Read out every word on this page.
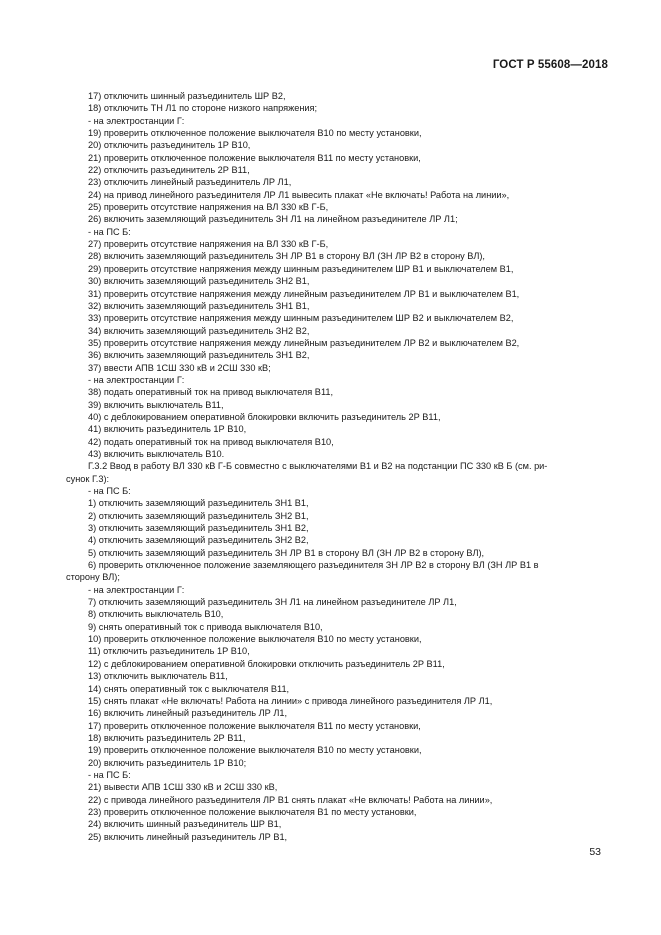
ГОСТ Р 55608—2018
17) отключить шинный разъединитель ШР В2,
18) отключить ТН Л1 по стороне низкого напряжения;
- на электростанции Г:
19) проверить отключенное положение выключателя В10 по месту установки,
20) отключить разъединитель 1Р В10,
21) проверить отключенное положение выключателя В11 по месту установки,
22) отключить разъединитель 2Р В11,
23) отключить линейный разъединитель ЛР Л1,
24) на привод линейного разъединителя ЛР Л1 вывесить плакат «Не включать! Работа на линии»,
25) проверить отсутствие напряжения на ВЛ 330 кВ Г-Б,
26) включить заземляющий разъединитель ЗН Л1 на линейном разъединителе ЛР Л1;
- на ПС Б:
27) проверить отсутствие напряжения на ВЛ 330 кВ Г-Б,
28) включить заземляющий разъединитель ЗН ЛР В1 в сторону ВЛ (ЗН ЛР В2 в сторону ВЛ),
29) проверить отсутствие напряжения между шинным разъединителем ШР В1 и выключателем В1,
30) включить заземляющий разъединитель ЗН2 В1,
31) проверить отсутствие напряжения между линейным разъединителем ЛР В1 и выключателем В1,
32) включить заземляющий разъединитель ЗН1 В1,
33) проверить отсутствие напряжения между шинным разъединителем ШР В2 и выключателем В2,
34) включить заземляющий разъединитель ЗН2 В2,
35) проверить отсутствие напряжения между линейным разъединителем ЛР В2 и выключателем В2,
36) включить заземляющий разъединитель ЗН1 В2,
37) ввести АПВ 1СШ 330 кВ и 2СШ 330 кВ;
- на электростанции Г:
38) подать оперативный ток на привод выключателя В11,
39) включить выключатель В11,
40) с деблокированием оперативной блокировки включить разъединитель 2Р В11,
41) включить разъединитель 1Р В10,
42) подать оперативный ток на привод выключателя В10,
43) включить выключатель В10.
Г.3.2 Ввод в работу ВЛ 330 кВ Г-Б совместно с выключателями В1 и В2 на подстанции ПС 330 кВ Б (см. ри-
сунок Г.3):
- на ПС Б:
1) отключить заземляющий разъединитель ЗН1 В1,
2) отключить заземляющий разъединитель ЗН2 В1,
3) отключить заземляющий разъединитель ЗН1 В2,
4) отключить заземляющий разъединитель ЗН2 В2,
5) отключить заземляющий разъединитель ЗН ЛР В1 в сторону ВЛ (ЗН ЛР В2 в сторону ВЛ),
6) проверить отключенное положение заземляющего разъединителя ЗН ЛР В2 в сторону ВЛ (ЗН ЛР В1 в
сторону ВЛ);
- на электростанции Г:
7) отключить заземляющий разъединитель ЗН Л1 на линейном разъединителе ЛР Л1,
8) отключить выключатель В10,
9) снять оперативный ток с привода выключателя В10,
10) проверить отключенное положение выключателя В10 по месту установки,
11) отключить разъединитель 1Р В10,
12) с деблокированием оперативной блокировки отключить разъединитель 2Р В11,
13) отключить выключатель В11,
14) снять оперативный ток с выключателя В11,
15) снять плакат «Не включать! Работа на линии» с привода линейного разъединителя ЛР Л1,
16) включить линейный разъединитель ЛР Л1,
17) проверить отключенное положение выключателя В11 по месту установки,
18) включить разъединитель 2Р В11,
19) проверить отключенное положение выключателя В10 по месту установки,
20) включить разъединитель 1Р В10;
- на ПС Б:
21) вывести АПВ 1СШ 330 кВ и 2СШ 330 кВ,
22) с привода линейного разъединителя ЛР В1 снять плакат «Не включать! Работа на линии»,
23) проверить отключенное положение выключателя В1 по месту установки,
24) включить шинный разъединитель ШР В1,
25) включить линейный разъединитель ЛР В1,
53
